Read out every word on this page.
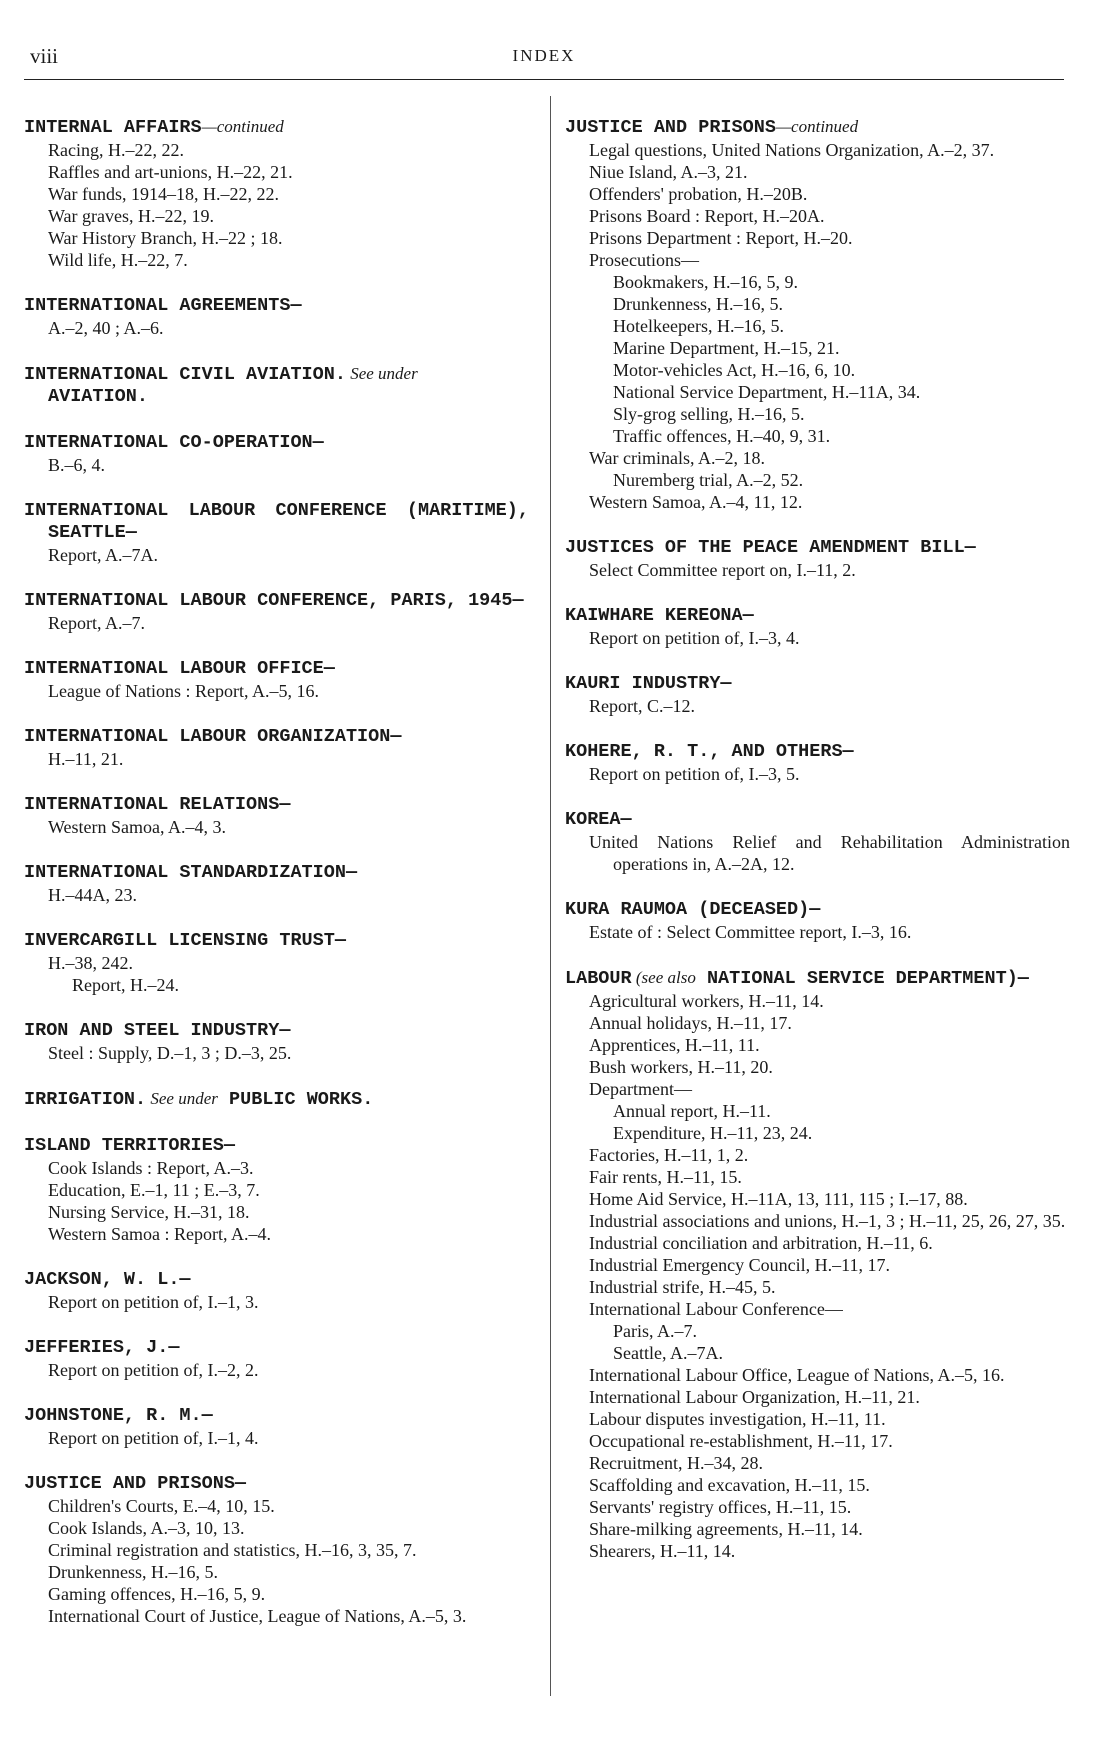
viii	INDEX
INTERNAL AFFAIRS—continued
Racing, H.–22, 22.
Raffles and art-unions, H.–22, 21.
War funds, 1914–18, H.–22, 22.
War graves, H.–22, 19.
War History Branch, H.–22 ; 18.
Wild life, H.–22, 7.
INTERNATIONAL AGREEMENTS—
A.–2, 40 ; A.–6.
INTERNATIONAL CIVIL AVIATION. See under
AVIATION.
INTERNATIONAL CO-OPERATION—
B.–6, 4.
INTERNATIONAL LABOUR CONFERENCE (MARITIME), SEATTLE—
Report, A.–7A.
INTERNATIONAL LABOUR CONFERENCE, PARIS, 1945—
Report, A.–7.
INTERNATIONAL LABOUR OFFICE—
League of Nations : Report, A.–5, 16.
INTERNATIONAL LABOUR ORGANIZATION—
H.–11, 21.
INTERNATIONAL RELATIONS—
Western Samoa, A.–4, 3.
INTERNATIONAL STANDARDIZATION—
H.–44A, 23.
INVERCARGILL LICENSING TRUST—
H.–38, 242.
Report, H.–24.
IRON AND STEEL INDUSTRY—
Steel : Supply, D.–1, 3 ; D.–3, 25.
IRRIGATION. See under PUBLIC WORKS.
ISLAND TERRITORIES—
Cook Islands : Report, A.–3.
Education, E.–1, 11 ; E.–3, 7.
Nursing Service, H.–31, 18.
Western Samoa : Report, A.–4.
JACKSON, W. L.—
Report on petition of, I.–1, 3.
JEFFERIES, J.—
Report on petition of, I.–2, 2.
JOHNSTONE, R. M.—
Report on petition of, I.–1, 4.
JUSTICE AND PRISONS—
Children's Courts, E.–4, 10, 15.
Cook Islands, A.–3, 10, 13.
Criminal registration and statistics, H.–16, 3, 35, 7.
Drunkenness, H.–16, 5.
Gaming offences, H.–16, 5, 9.
International Court of Justice, League of Nations, A.–5, 3.
JUSTICE AND PRISONS—continued
Legal questions, United Nations Organization, A.–2, 37.
Niue Island, A.–3, 21.
Offenders' probation, H.–20B.
Prisons Board : Report, H.–20A.
Prisons Department : Report, H.–20.
Prosecutions—
Bookmakers, H.–16, 5, 9.
Drunkenness, H.–16, 5.
Hotelkeepers, H.–16, 5.
Marine Department, H.–15, 21.
Motor-vehicles Act, H.–16, 6, 10.
National Service Department, H.–11A, 34.
Sly-grog selling, H.–16, 5.
Traffic offences, H.–40, 9, 31.
War criminals, A.–2, 18.
Nuremberg trial, A.–2, 52.
Western Samoa, A.–4, 11, 12.
JUSTICES OF THE PEACE AMENDMENT BILL—
Select Committee report on, I.–11, 2.
KAIWHARE KEREONA—
Report on petition of, I.–3, 4.
KAURI INDUSTRY—
Report, C.–12.
KOHERE, R. T., AND OTHERS—
Report on petition of, I.–3, 5.
KOREA—
United Nations Relief and Rehabilitation Administration operations in, A.–2A, 12.
KURA RAUMOA (DECEASED)—
Estate of : Select Committee report, I.–3, 16.
LABOUR (see also NATIONAL SERVICE DEPARTMENT)—
Agricultural workers, H.–11, 14.
Annual holidays, H.–11, 17.
Apprentices, H.–11, 11.
Bush workers, H.–11, 20.
Department—
Annual report, H.–11.
Expenditure, H.–11, 23, 24.
Factories, H.–11, 1, 2.
Fair rents, H.–11, 15.
Home Aid Service, H.–11A, 13, 111, 115 ; I.–17, 88.
Industrial associations and unions, H.–1, 3 ; H.–11, 25, 26, 27, 35.
Industrial conciliation and arbitration, H.–11, 6.
Industrial Emergency Council, H.–11, 17.
Industrial strife, H.–45, 5.
International Labour Conference—
Paris, A.–7.
Seattle, A.–7A.
International Labour Office, League of Nations, A.–5, 16.
International Labour Organization, H.–11, 21.
Labour disputes investigation, H.–11, 11.
Occupational re-establishment, H.–11, 17.
Recruitment, H.–34, 28.
Scaffolding and excavation, H.–11, 15.
Servants' registry offices, H.–11, 15.
Share-milking agreements, H.–11, 14.
Shearers, H.–11, 14.
